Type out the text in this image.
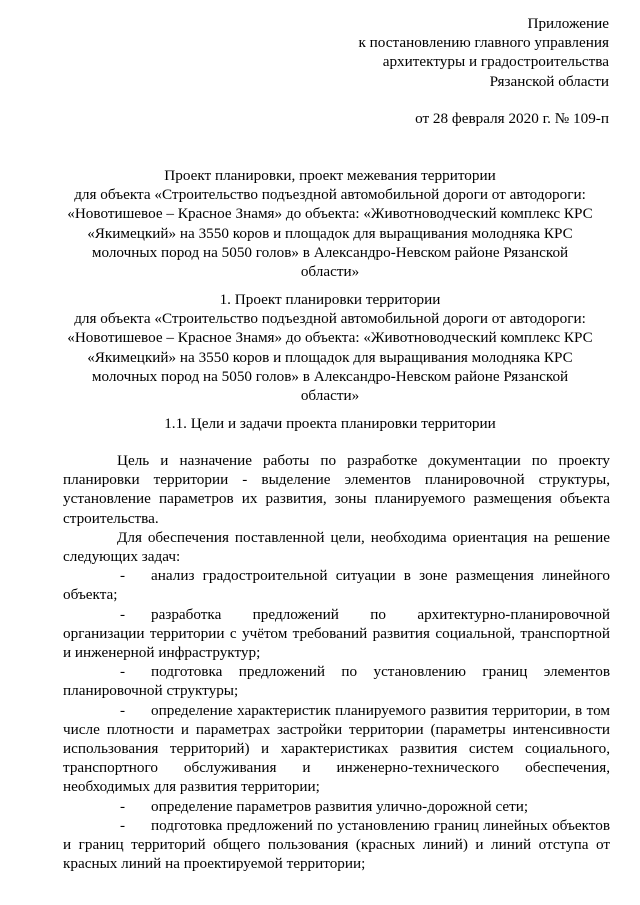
Приложение
к постановлению главного управления
архитектуры и градостроительства
Рязанской области
от 28 февраля 2020 г. № 109-п
Проект планировки, проект межевания территории
для объекта «Строительство подъездной автомобильной дороги от автодороги:
«Новотишевое – Красное Знамя» до объекта: «Животноводческий комплекс КРС
«Якимецкий» на 3550 коров и площадок для выращивания молодняка КРС
молочных пород на 5050 голов» в Александро-Невском районе Рязанской
области»
1. Проект планировки территории
для объекта «Строительство подъездной автомобильной дороги от автодороги:
«Новотишевое – Красное Знамя» до объекта: «Животноводческий комплекс КРС
«Якимецкий» на 3550 коров и площадок для выращивания молодняка КРС
молочных пород на 5050 голов» в Александро-Невском районе Рязанской
области»
1.1. Цели и задачи проекта планировки территории

Цель и назначение работы по разработке документации по проекту планировки территории - выделение элементов планировочной структуры, установление параметров их развития, зоны планируемого размещения объекта строительства.

Для обеспечения поставленной цели, необходима ориентация на решение следующих задач:

- анализ градостроительной ситуации в зоне размещения линейного объекта;

- разработка предложений по архитектурно-планировочной организации территории с учётом требований развития социальной, транспортной и инженерной инфраструктур;

- подготовка предложений по установлению границ элементов планировочной структуры;

- определение характеристик планируемого развития территории, в том числе плотности и параметрах застройки территории (параметры интенсивности использования территорий) и характеристиках развития систем социального, транспортного обслуживания и инженерно-технического обеспечения, необходимых для развития территории;

- определение параметров развития улично-дорожной сети;

- подготовка предложений по установлению границ линейных объектов и границ территорий общего пользования (красных линий) и линий отступа от красных линий на проектируемой территории;
